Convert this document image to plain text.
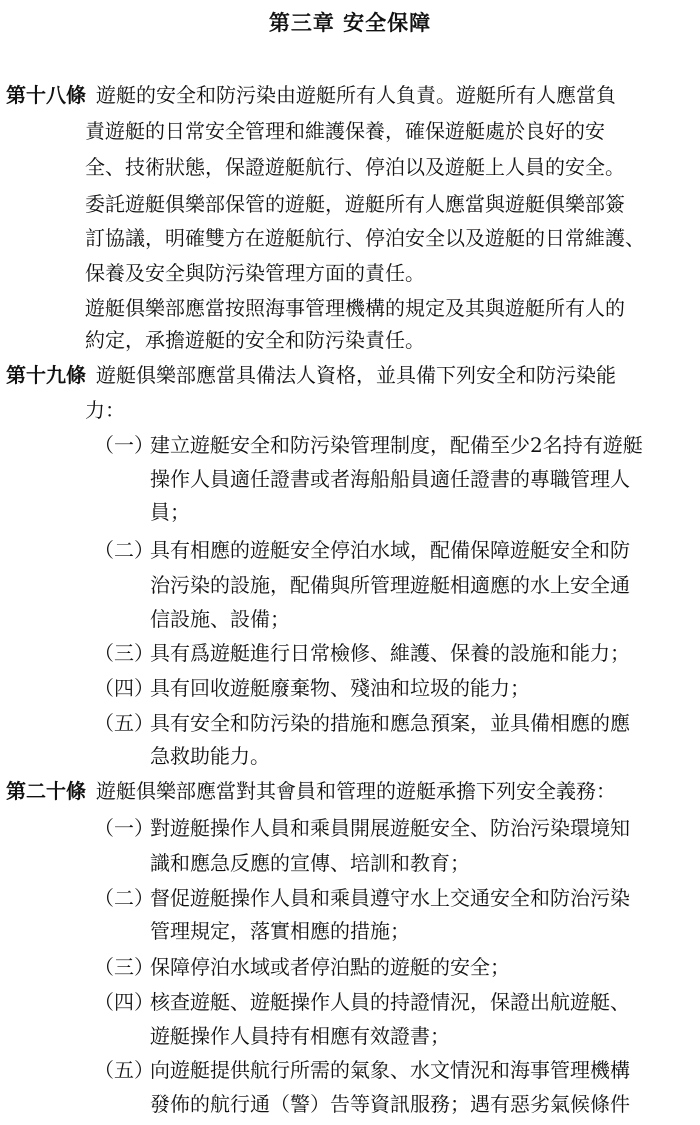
第三章 安全保障
第十八條 遊艇的安全和防污染由遊艇所有人負責。遊艇所有人應當負
責遊艇的日常安全管理和維護保養，確保遊艇處於良好的安
全、技術狀態，保證遊艇航行、停泊以及遊艇上人員的安全。
委託遊艇俱樂部保管的遊艇，遊艇所有人應當與遊艇俱樂部簽
訂協議，明確雙方在遊艇航行、停泊安全以及遊艇的日常維護、
保養及安全與防污染管理方面的責任。
遊艇俱樂部應當按照海事管理機構的規定及其與遊艇所有人的
約定，承擔遊艇的安全和防污染責任。
第十九條 遊艇俱樂部應當具備法人資格，並具備下列安全和防污染能
力：
（一）建立遊艇安全和防污染管理制度，配備至少2名持有遊艇
操作人員適任證書或者海船船員適任證書的專職管理人
員；
（二）具有相應的遊艇安全停泊水域，配備保障遊艇安全和防
治污染的設施，配備與所管理遊艇相適應的水上安全通
信設施、設備；
（三）具有爲遊艇進行日常檢修、維護、保養的設施和能力；
（四）具有回收遊艇廢棄物、殘油和垃圾的能力；
（五）具有安全和防污染的措施和應急預案，並具備相應的應
急救助能力。
第二十條 遊艇俱樂部應當對其會員和管理的遊艇承擔下列安全義務：
（一）對遊艇操作人員和乘員開展遊艇安全、防治污染環境知
識和應急反應的宣傳、培訓和教育；
（二）督促遊艇操作人員和乘員遵守水上交通安全和防治污染
管理規定，落實相應的措施；
（三）保障停泊水域或者停泊點的遊艇的安全；
（四）核查遊艇、遊艇操作人員的持證情況，保證出航遊艇、
遊艇操作人員持有相應有效證書；
（五）向遊艇提供航行所需的氣象、水文情況和海事管理機構
發佈的航行通（警）告等資訊服務；遇有惡劣氣候條件
